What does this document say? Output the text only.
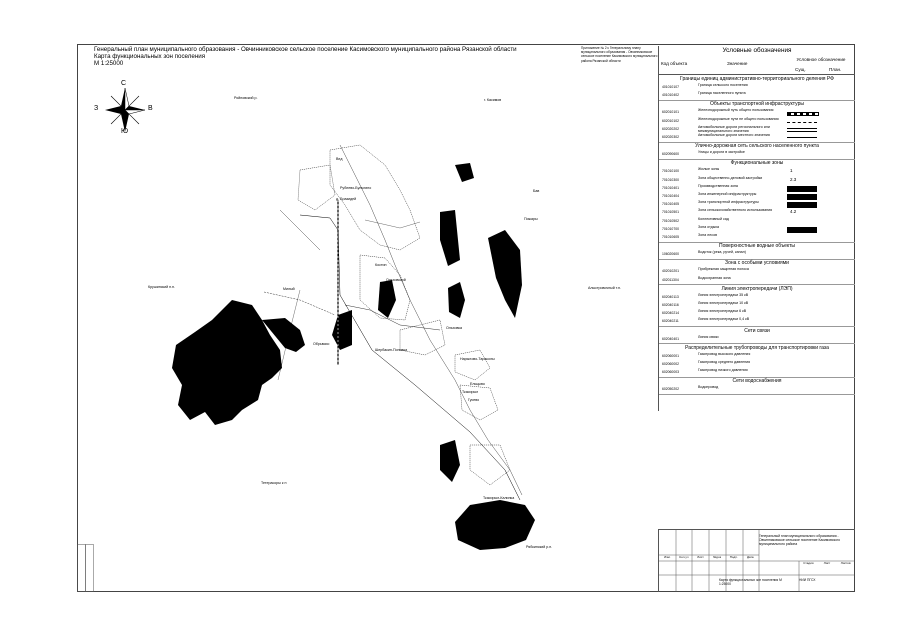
Генеральный план муниципального образования - Овчинниковское сельское поселение Касимовского муниципального района Рязанской области
Карта функциональных зон поселения
М 1:25000
Приложение № 2 к Генеральному плану муниципального образования - Овчинниковское сельское поселение Касимовского муниципального района Рязанской области
С
Ю
З	В
Ройновский р.	г. Касимов
Вед
Рублево-Булыгино
д. Бразидей
Бав
Пожары
Крушинский п.н.	Алыстровочный т.п.
Милый
Обрьвсио
Костин
Ольховской
Шербакин-Поповка
Нарылово-Тараколы
Ольховка
Ельцыво
Ткасирыл
Ткасирыл-Калинка
Гусево
Тетерасоры к н
Рябкинский р.п.
Условные обозначения
Код объекта	Значение
Условное обозначение
Сущ.	План.
Границы единиц административно-территориального деления РФ
401010107	Граница сельского поселения
401010402	Граница населенного пункта
Объекты транспортной инфраструктуры
602010101	Железнодорожный путь общего пользования
602010102	Железнодорожные пути не общего пользования
602020202	Автомобильные дороги регионального или межмуниципального значения
602020302	Автомобильные дороги местного значения
Улично-дорожная сеть сельского населенного пункта
602090600	Улицы и дороги в застройке
Функциональные зоны
701010100	Жилые зоны	1
701010300	Зона общественно-деловой застройки	2.3
701010401	Производственная зона
701010404	Зона инженерной инфраструктуры
701010405	Зона транспортной инфраструктуры
701010501	Зона сельскохозяйственного использования	4.2
701010502	Коллективный сад
701010700	Зона отдыха
701010605	Зона лесов
Поверхностные водные объекты
106020600	Водоток (река, ручей, канал)
Зона с особыми условиями
402010201	Прибрежная защитная полоса
402011304	Водоохранная зона
Линия электропередачи (ЛЭП)
602040113	Линия электропередачи 35 кВ
602040116	Линия электропередачи 10 кВ
602040214	Линия электропередачи 6 кВ
602040211	Линия электропередачи 0,4 кВ
Сети связи
602040401	Линия связи
Распределительные трубопроводы для транспортировки газа
602060001	Газопровод высокого давления
602060002	Газопровод среднего давления
602060003	Газопровод низкого давления
Сети водоснабжения
602050202	Водопровод
Генеральный план муниципального образования - Овчинниковское сельское поселение Касимовского муниципального района
Карта функциональных зон поселения М 1:25000
НИИ ПГСХ
Стадия	Лист	Листов
Изм.	Кол.уч	Лист	№док	Подп.	Дата
